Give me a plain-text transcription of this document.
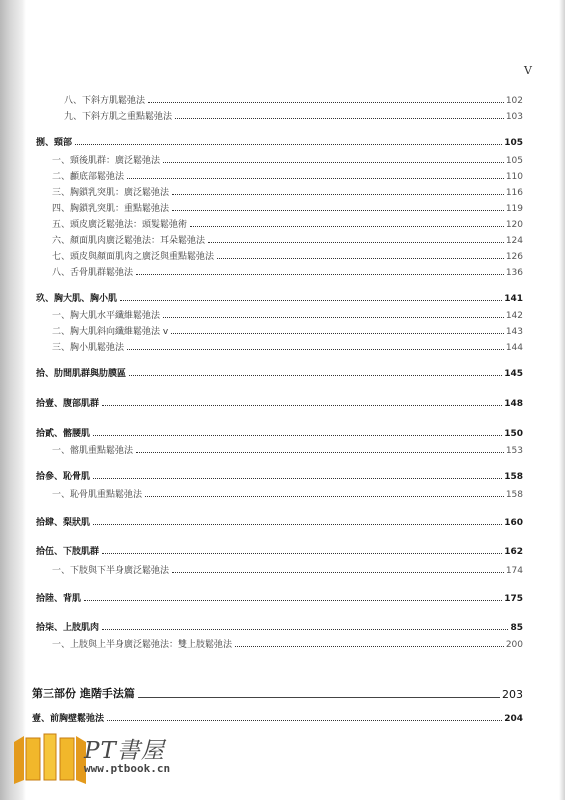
V
八、下斜方肌鬆弛法	102
九、下斜方肌之重點鬆弛法	103
捌、頸部	105
一、頸後肌群：廣泛鬆弛法	105
二、顱底部鬆弛法	110
三、胸鎖乳突肌：廣泛鬆弛法	116
四、胸鎖乳突肌：重點鬆弛法	119
五、頭皮廣泛鬆弛法：頭髮鬆弛術	120
六、顏面肌肉廣泛鬆弛法：耳朵鬆弛法	124
七、頭皮與顏面肌肉之廣泛與重點鬆弛法	126
八、舌骨肌群鬆弛法	136
玖、胸大肌、胸小肌	141
一、胸大肌水平纖維鬆弛法	142
二、胸大肌斜向纖維鬆弛法 v	143
三、胸小肌鬆弛法	144
拾、肋間肌群與肋膜區	145
拾壹、腹部肌群	148
拾貳、髂腰肌	150
一、髂肌重點鬆弛法	153
拾參、恥骨肌	158
一、恥骨肌重點鬆弛法	158
拾肆、梨狀肌	160
拾伍、下肢肌群	162
一、下肢與下半身廣泛鬆弛法	174
拾陸、背肌	175
拾柒、上肢肌肉	85
一、上肢與上半身廣泛鬆弛法：雙上肢鬆弛法	200
第三部份 進階手法篇	203
壹、前胸壁鬆弛法	204
PT書屋
www.ptbook.cn
